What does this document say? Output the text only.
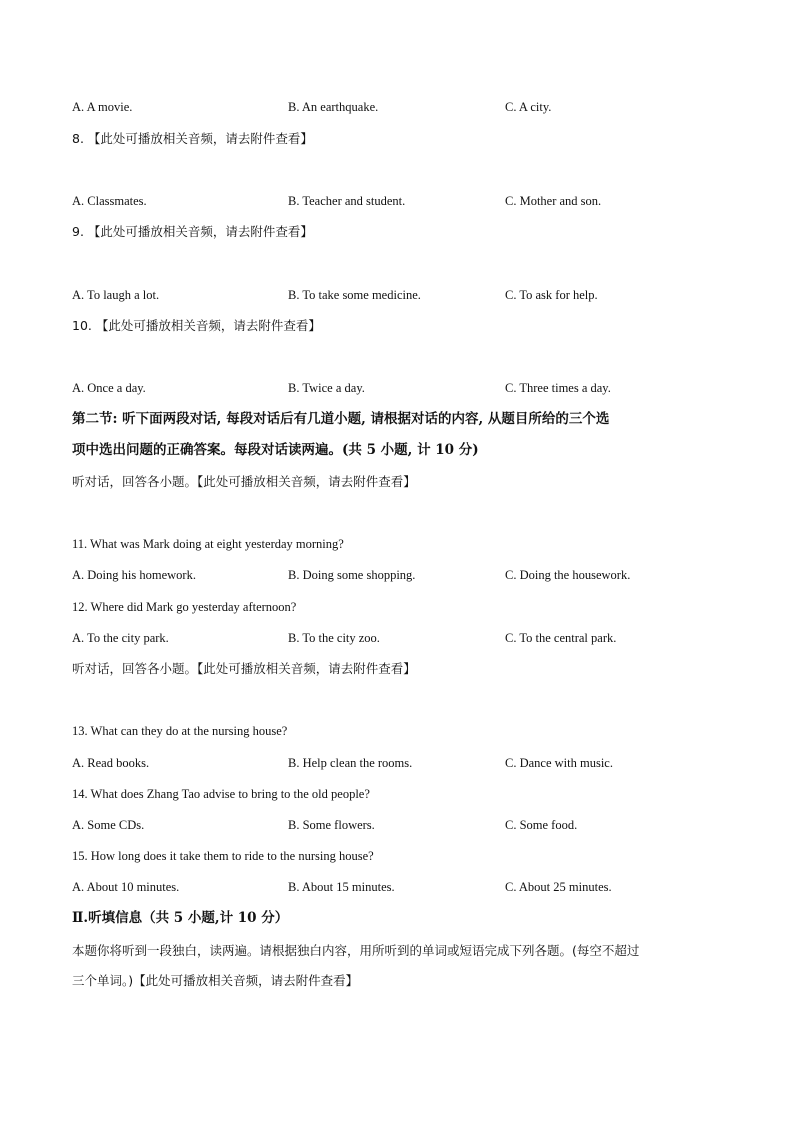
A. A movie.	B. An earthquake.	C. A city.
8. 【此处可播放相关音频，请去附件查看】
A. Classmates.	B. Teacher and student.	C. Mother and son.
9. 【此处可播放相关音频，请去附件查看】
A. To laugh a lot.	B. To take some medicine.	C. To ask for help.
10. 【此处可播放相关音频，请去附件查看】
A. Once a day.	B. Twice a day.	C. Three times a day.
第二节: 听下面两段对话, 每段对话后有几道小题, 请根据对话的内容, 从题目所给的三个选
项中选出问题的正确答案。每段对话读两遍。(共 5 小题, 计 10 分)
听对话，回答各小题。【此处可播放相关音频，请去附件查看】
11. What was Mark doing at eight yesterday morning?
A. Doing his homework.	B. Doing some shopping.	C. Doing the housework.
12. Where did Mark go yesterday afternoon?
A. To the city park.	B. To the city zoo.	C. To the central park.
听对话，回答各小题。【此处可播放相关音频，请去附件查看】
13. What can they do at the nursing house?
A. Read books.	B. Help clean the rooms.	C. Dance with music.
14. What does Zhang Tao advise to bring to the old people?
A. Some CDs.	B. Some flowers.	C. Some food.
15. How long does it take them to ride to the nursing house?
A. About 10 minutes.	B. About 15 minutes.	C. About 25 minutes.
Ⅱ.听填信息（共 5 小题,计 10 分）
本题你将听到一段独白，读两遍。请根据独白内容，用所听到的单词或短语完成下列各题。(每空不超过
三个单词。)【此处可播放相关音频，请去附件查看】
